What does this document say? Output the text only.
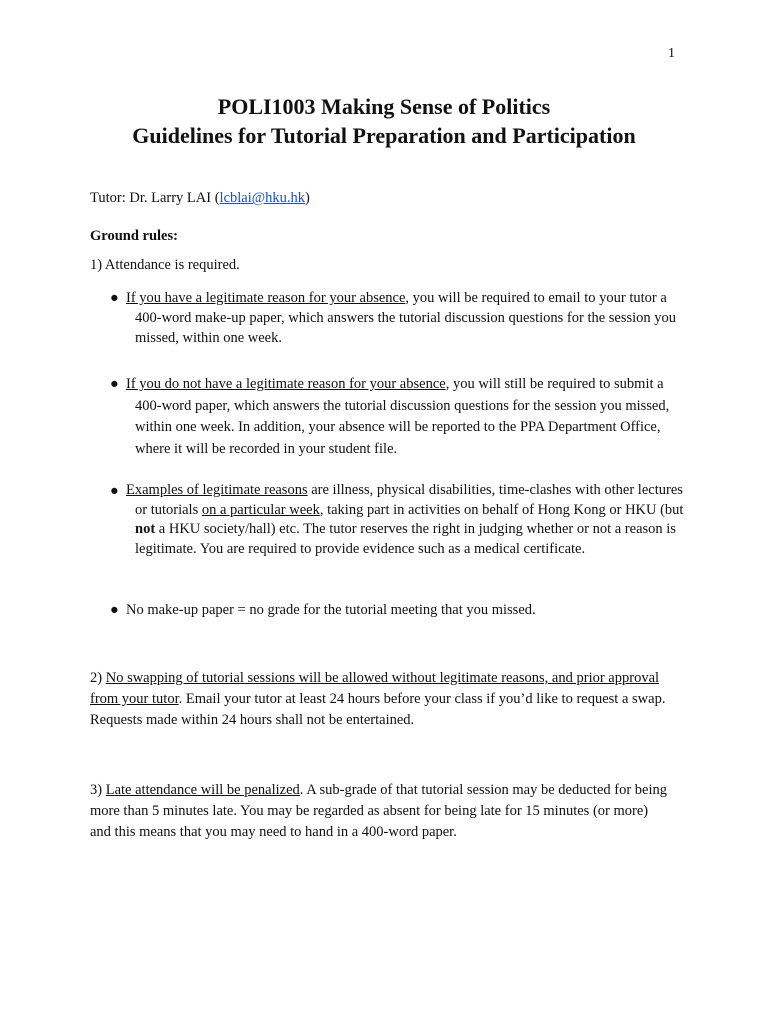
1
POLI1003 Making Sense of Politics
Guidelines for Tutorial Preparation and Participation

Tutor: Dr. Larry LAI (lcblai@hku.hk)

Ground rules:

1) Attendance is required.

● If you have a legitimate reason for your absence, you will be required to email to your tutor a 400-word make-up paper, which answers the tutorial discussion questions for the session you missed, within one week.

● If you do not have a legitimate reason for your absence, you will still be required to submit a 400-word paper, which answers the tutorial discussion questions for the session you missed, within one week. In addition, your absence will be reported to the PPA Department Office, where it will be recorded in your student file.

● Examples of legitimate reasons are illness, physical disabilities, time-clashes with other lectures or tutorials on a particular week, taking part in activities on behalf of Hong Kong or HKU (but not a HKU society/hall) etc. The tutor reserves the right in judging whether or not a reason is legitimate. You are required to provide evidence such as a medical certificate.

● No make-up paper = no grade for the tutorial meeting that you missed.

2) No swapping of tutorial sessions will be allowed without legitimate reasons, and prior approval from your tutor. Email your tutor at least 24 hours before your class if you’d like to request a swap. Requests made within 24 hours shall not be entertained.

3) Late attendance will be penalized. A sub-grade of that tutorial session may be deducted for being more than 5 minutes late. You may be regarded as absent for being late for 15 minutes (or more) and this means that you may need to hand in a 400-word paper.
